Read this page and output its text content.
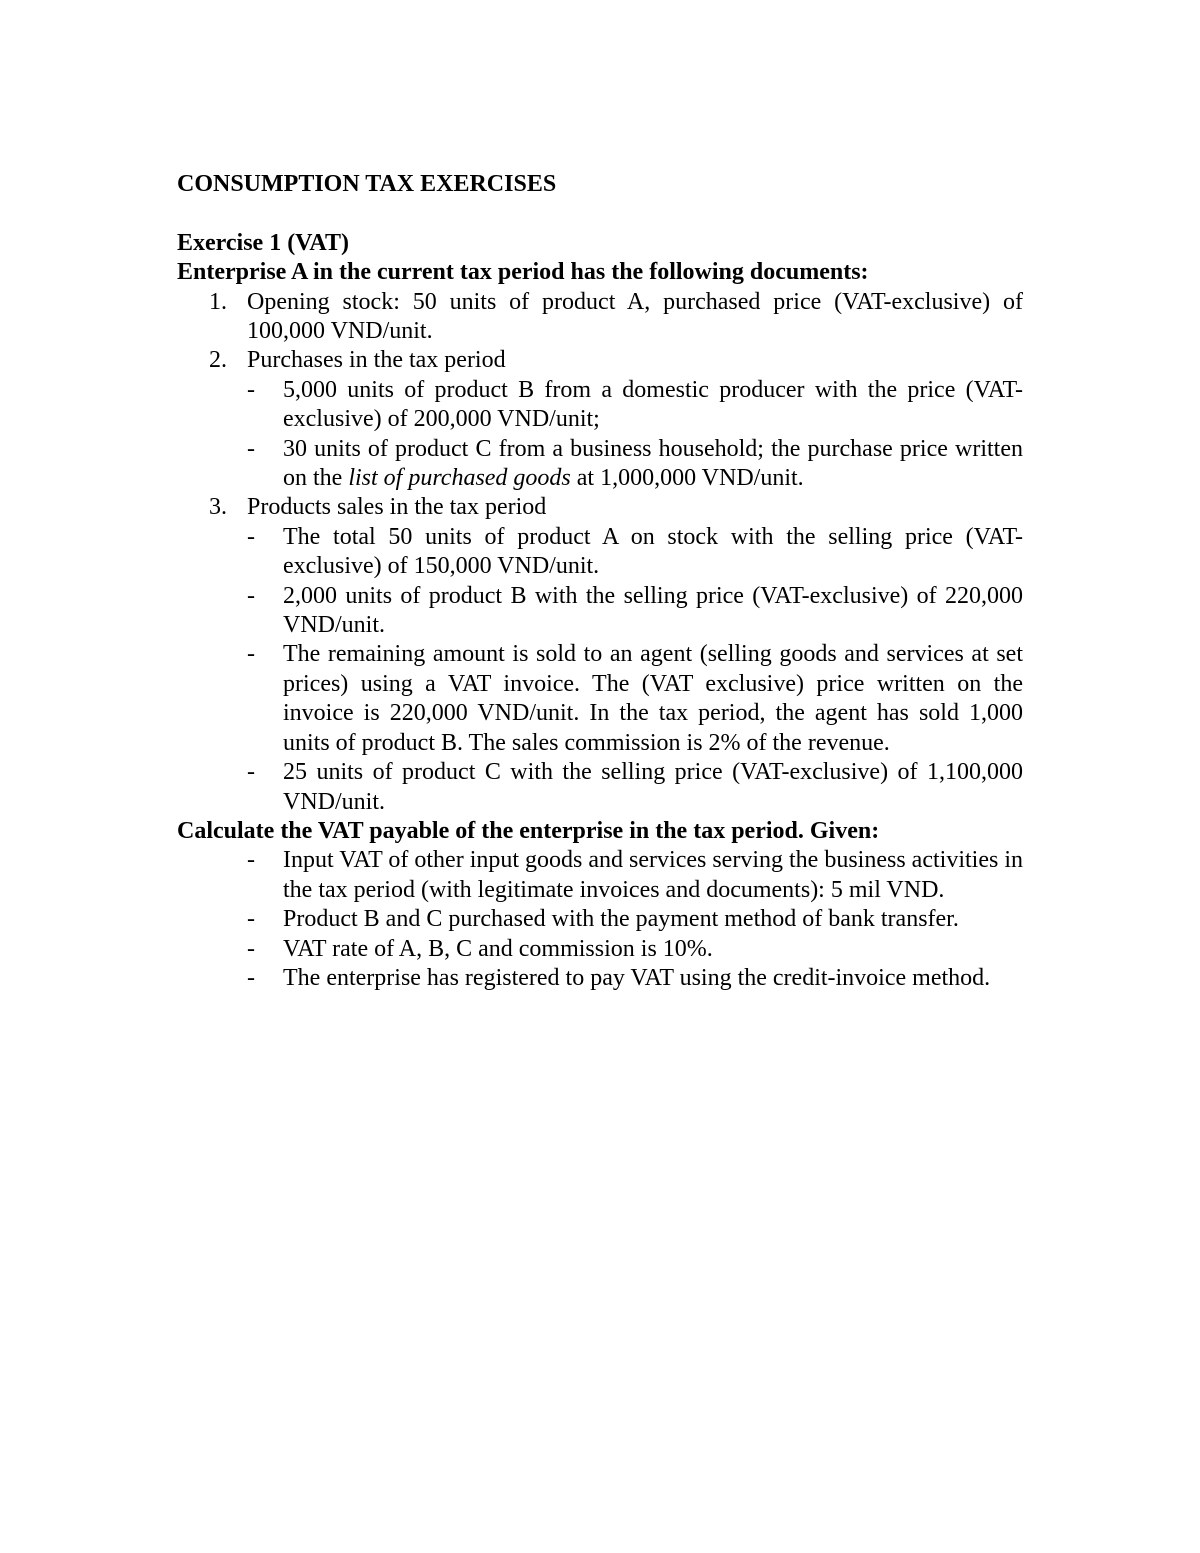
CONSUMPTION TAX EXERCISES
Exercise 1 (VAT)
Enterprise A in the current tax period has the following documents:
1. Opening stock: 50 units of product A, purchased price (VAT-exclusive) of 100,000 VND/unit.
2. Purchases in the tax period
- 5,000 units of product B from a domestic producer with the price (VAT-exclusive) of 200,000 VND/unit;
- 30 units of product C from a business household; the purchase price written on the list of purchased goods at 1,000,000 VND/unit.
3. Products sales in the tax period
- The total 50 units of product A on stock with the selling price (VAT-exclusive) of 150,000 VND/unit.
- 2,000 units of product B with the selling price (VAT-exclusive) of 220,000 VND/unit.
- The remaining amount is sold to an agent (selling goods and services at set prices) using a VAT invoice. The (VAT exclusive) price written on the invoice is 220,000 VND/unit. In the tax period, the agent has sold 1,000 units of product B. The sales commission is 2% of the revenue.
- 25 units of product C with the selling price (VAT-exclusive) of 1,100,000 VND/unit.
Calculate the VAT payable of the enterprise in the tax period. Given:
- Input VAT of other input goods and services serving the business activities in the tax period (with legitimate invoices and documents): 5 mil VND.
- Product B and C purchased with the payment method of bank transfer.
- VAT rate of A, B, C and commission is 10%.
- The enterprise has registered to pay VAT using the credit-invoice method.
